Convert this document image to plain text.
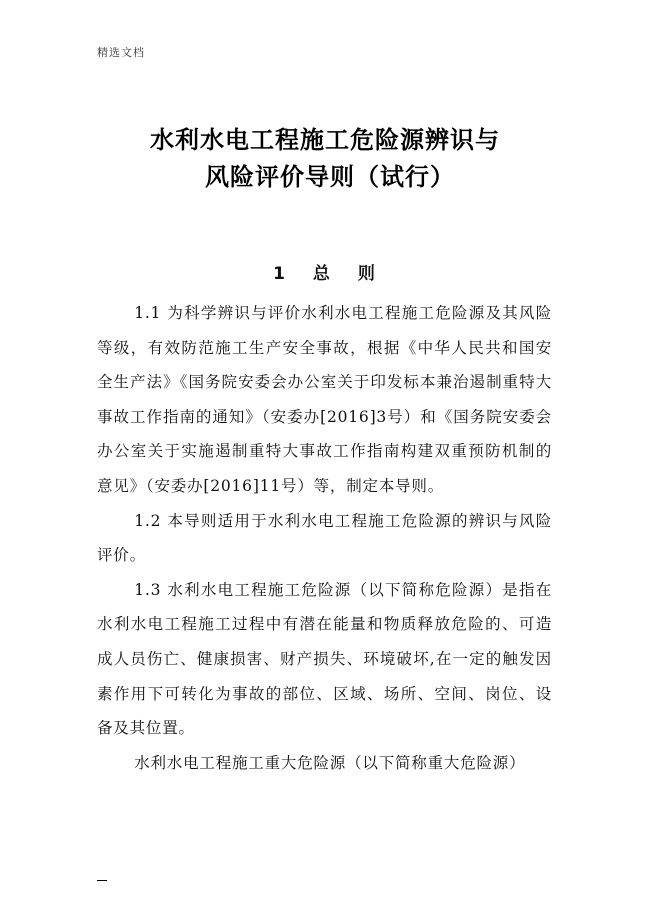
精选文档
水利水电工程施工危险源辨识与
风险评价导则（试行）
1 总 则

1.1 为科学辨识与评价水利水电工程施工危险源及其风险等级，有效防范施工生产安全事故，根据《中华人民共和国安全生产法》《国务院安委会办公室关于印发标本兼治遏制重特大事故工作指南的通知》（安委办[2016]3号）和《国务院安委会办公室关于实施遏制重特大事故工作指南构建双重预防机制的意见》（安委办[2016]11号）等，制定本导则。

1.2 本导则适用于水利水电工程施工危险源的辨识与风险评价。

1.3 水利水电工程施工危险源（以下简称危险源）是指在水利水电工程施工过程中有潜在能量和物质释放危险的、可造成人员伤亡、健康损害、财产损失、环境破坏,在一定的触发因素作用下可转化为事故的部位、区域、场所、空间、岗位、设备及其位置。

水利水电工程施工重大危险源（以下简称重大危险源）
